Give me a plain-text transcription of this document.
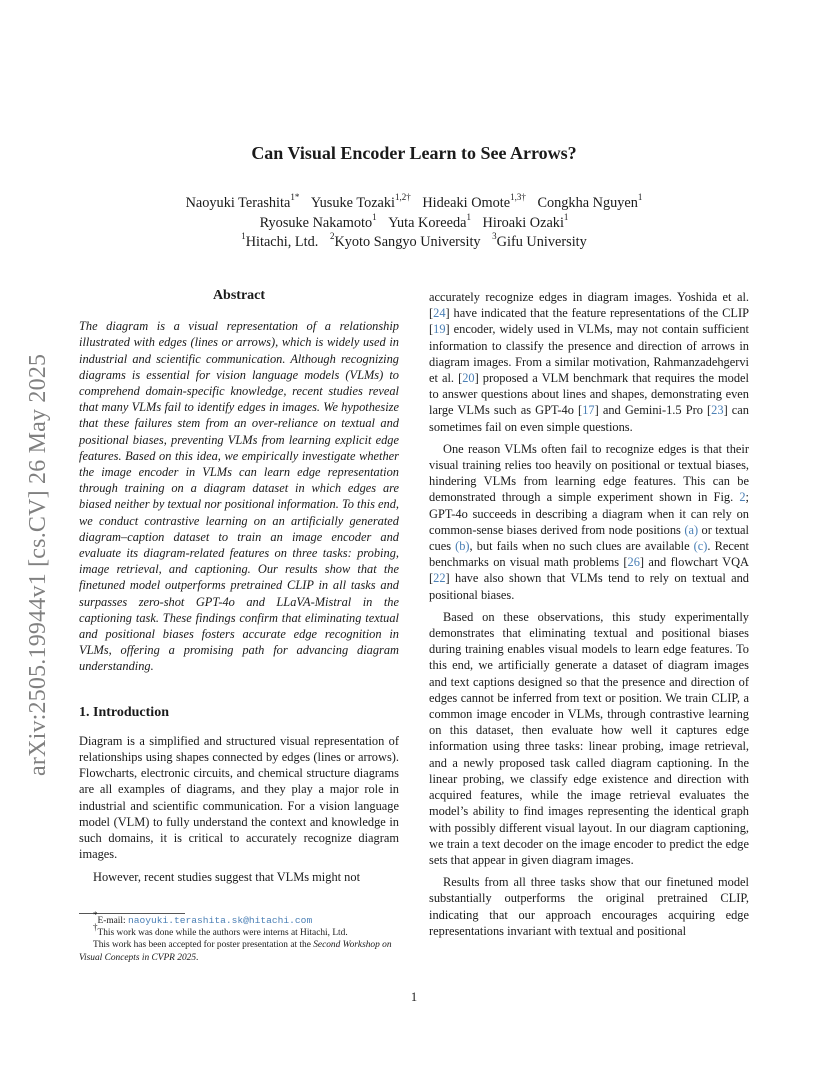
arXiv:2505.19944v1 [cs.CV] 26 May 2025
Can Visual Encoder Learn to See Arrows?
Naoyuki Terashita$^{1*}$ Yusuke Tozaki$^{1,2\dagger}$ Hideaki Omote$^{1,3\dagger}$ Congkha Nguyen$^1$
Ryosuke Nakamoto$^1$ Yuta Koreeda$^1$ Hiroaki Ozaki$^1$
$^1$Hitachi, Ltd. $^2$Kyoto Sangyo University $^3$Gifu University

Abstract

The diagram is a visual representation of a relationship illustrated with edges (lines or arrows), which is widely used in industrial and scientific communication. Although recognizing diagrams is essential for vision language models (VLMs) to comprehend domain-specific knowledge, recent studies reveal that many VLMs fail to identify edges in images. We hypothesize that these failures stem from an over-reliance on textual and positional biases, preventing VLMs from learning explicit edge features. Based on this idea, we empirically investigate whether the image encoder in VLMs can learn edge representation through training on a diagram dataset in which edges are biased neither by textual nor positional information. To this end, we conduct contrastive learning on an artificially generated diagram–caption dataset to train an image encoder and evaluate its diagram-related features on three tasks: probing, image retrieval, and captioning. Our results show that the finetuned model outperforms pretrained CLIP in all tasks and surpasses zero-shot GPT-4o and LLaVA-Mistral in the captioning task. These findings confirm that eliminating textual and positional biases fosters accurate edge recognition in VLMs, offering a promising path for advancing diagram understanding.

1. Introduction

Diagram is a simplified and structured visual representation of relationships using shapes connected by edges (lines or arrows). Flowcharts, electronic circuits, and chemical structure diagrams are all examples of diagrams, and they play a major role in industrial and scientific communication. For a vision language model (VLM) to fully understand the context and knowledge in such domains, it is critical to accurately recognize diagram images.

However, recent studies suggest that VLMs might not

accurately recognize edges in diagram images. Yoshida et al. [24] have indicated that the feature representations of the CLIP [19] encoder, widely used in VLMs, may not contain sufficient information to classify the presence and direction of arrows in diagram images. From a similar motivation, Rahmanzadehgervi et al. [20] proposed a VLM benchmark that requires the model to answer questions about lines and shapes, demonstrating even large VLMs such as GPT-4o [17] and Gemini-1.5 Pro [23] can sometimes fail on even simple questions.

One reason VLMs often fail to recognize edges is that their visual training relies too heavily on positional or textual biases, hindering VLMs from learning edge features. This can be demonstrated through a simple experiment shown in Fig. 2; GPT-4o succeeds in describing a diagram when it can rely on common-sense biases derived from node positions (a) or textual cues (b), but fails when no such clues are available (c). Recent benchmarks on visual math problems [26] and flowchart VQA [22] have also shown that VLMs tend to rely on textual and positional biases.

Based on these observations, this study experimentally demonstrates that eliminating textual and positional biases during training enables visual models to learn edge features. To this end, we artificially generate a dataset of diagram images and text captions designed so that the presence and direction of edges cannot be inferred from text or position. We train CLIP, a common image encoder in VLMs, through contrastive learning on this dataset, then evaluate how well it captures edge information using three tasks: linear probing, image retrieval, and a newly proposed task called diagram captioning. In the linear probing, we classify edge existence and direction with acquired features, while the image retrieval evaluates the model’s ability to find images representing the identical graph with possibly different visual layout. In our diagram captioning, we train a text decoder on the image encoder to predict the edge sets that appear in given diagram images.

Results from all three tasks show that our finetuned model substantially outperforms the original pretrained CLIP, indicating that our approach encourages acquiring edge representations invariant with textual and positional

*E-mail: naoyuki.terashita.sk@hitachi.com
†This work was done while the authors were interns at Hitachi, Ltd.
This work has been accepted for poster presentation at the Second Workshop on Visual Concepts in CVPR 2025.
1
